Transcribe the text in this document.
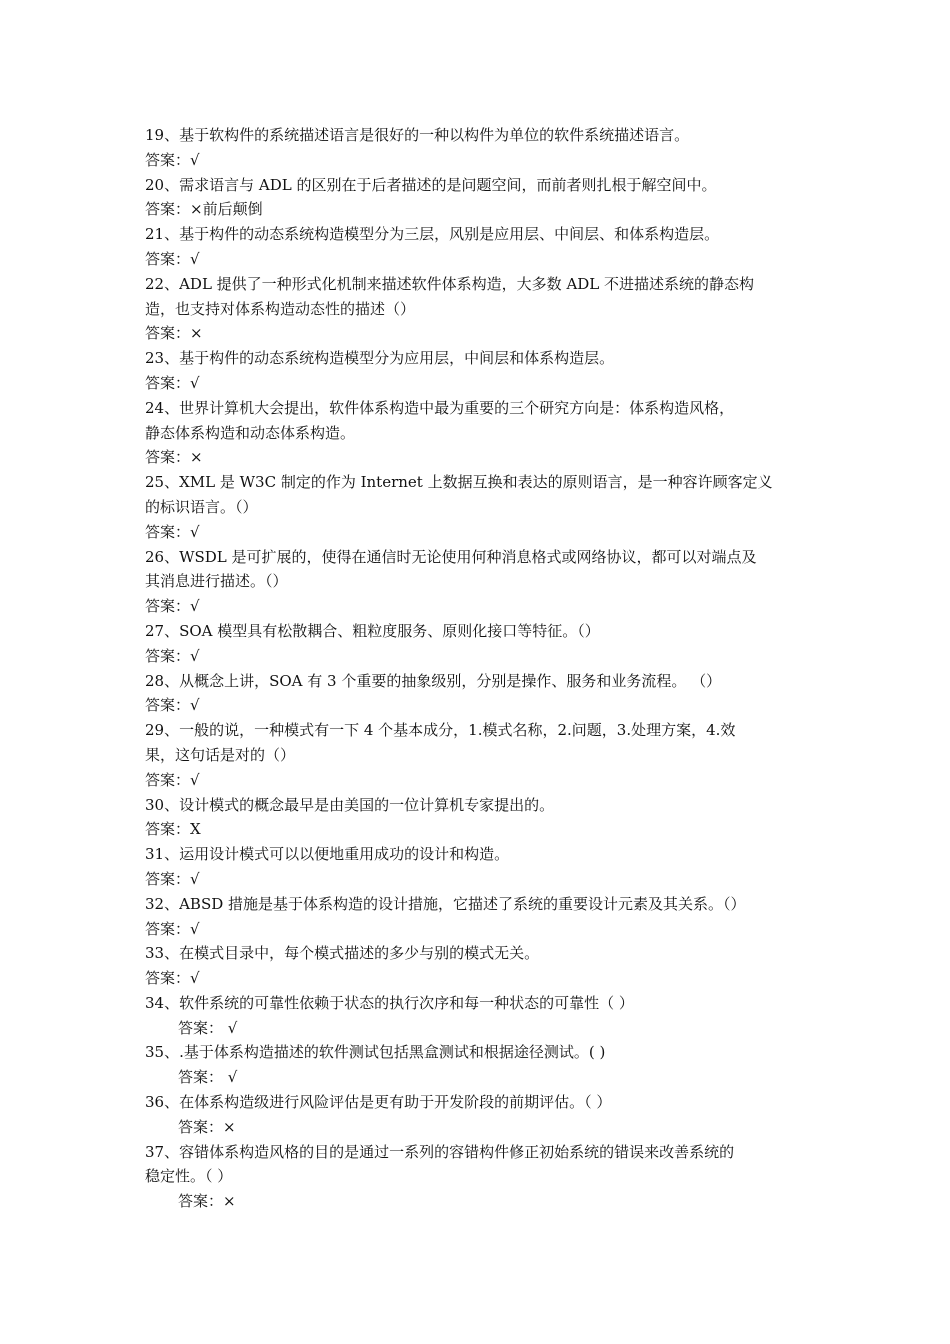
19、基于软构件的系统描述语言是很好的一种以构件为单位的软件系统描述语言。
答案：√
20、需求语言与 ADL 的区别在于后者描述的是问题空间，而前者则扎根于解空间中。
答案：×前后颠倒
21、基于构件的动态系统构造模型分为三层，风别是应用层、中间层、和体系构造层。
答案：√
22、ADL 提供了一种形式化机制来描述软件体系构造，大多数 ADL 不进描述系统的静态构
造，也支持对体系构造动态性的描述（）
答案：×
23、基于构件的动态系统构造模型分为应用层，中间层和体系构造层。
答案：√
24、世界计算机大会提出，软件体系构造中最为重要的三个研究方向是：体系构造风格，
静态体系构造和动态体系构造。
答案：×
25、XML 是 W3C 制定的作为 Internet 上数据互换和表达的原则语言，是一种容许顾客定义
的标识语言。（）
答案：√
26、WSDL 是可扩展的，使得在通信时无论使用何种消息格式或网络协议，都可以对端点及
其消息进行描述。（）
答案：√
27、SOA 模型具有松散耦合、粗粒度服务、原则化接口等特征。（）
答案：√
28、从概念上讲，SOA 有 3 个重要的抽象级别，分别是操作、服务和业务流程。 （）
答案：√
29、一般的说，一种模式有一下 4 个基本成分，1.模式名称，2.问题，3.处理方案，4.效
果，这句话是对的（）
答案：√
30、设计模式的概念最早是由美国的一位计算机专家提出的。
答案：X
31、运用设计模式可以以便地重用成功的设计和构造。
答案：√
32、ABSD 措施是基于体系构造的设计措施，它描述了系统的重要设计元素及其关系。（）
答案：√
33、在模式目录中，每个模式描述的多少与别的模式无关。
答案：√
34、软件系统的可靠性依赖于状态的执行次序和每一种状态的可靠性（ ）
答案： √
35、.基于体系构造描述的软件测试包括黑盒测试和根据途径测试。( )
答案： √
36、在体系构造级进行风险评估是更有助于开发阶段的前期评估。（ ）
答案：×
37、容错体系构造风格的目的是通过一系列的容错构件修正初始系统的错误来改善系统的
稳定性。（ ）
答案：×
